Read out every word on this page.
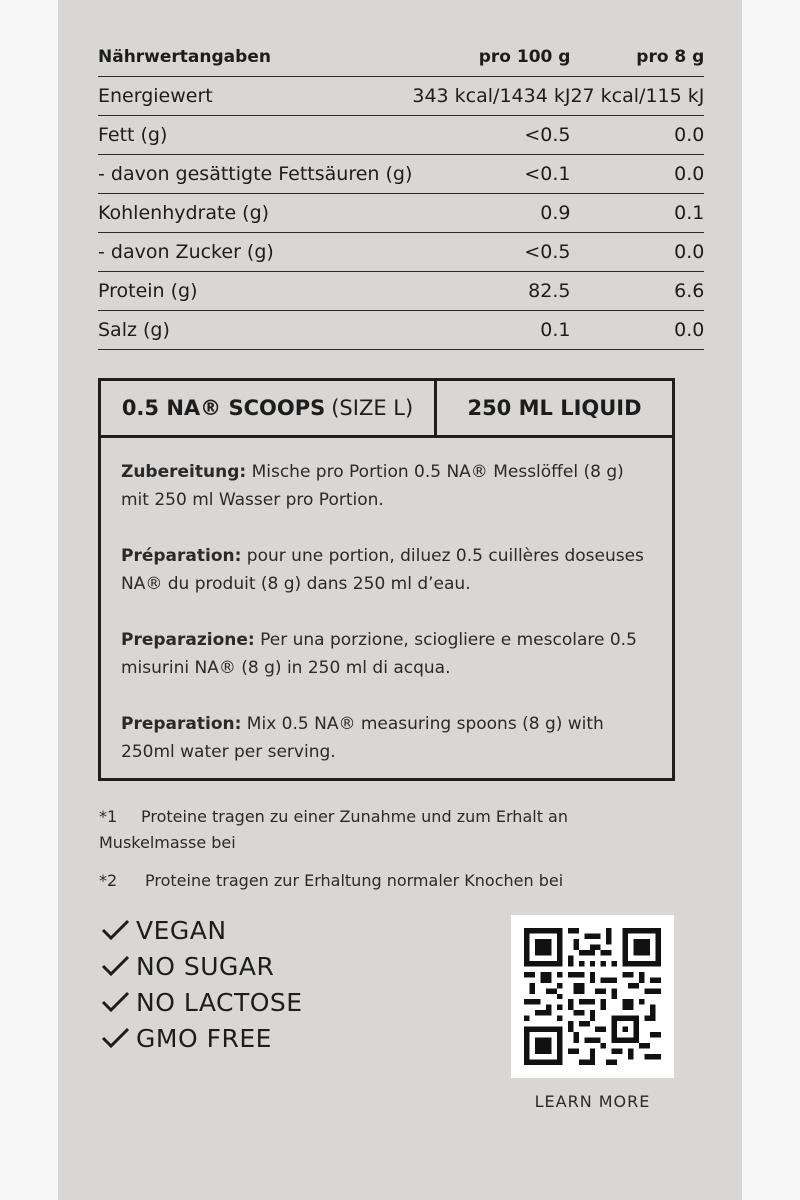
Nährwertangaben	pro 100 g	pro 8 g
Energiewert	343 kcal/1434 kJ	27 kcal/115 kJ
Fett (g)	<0.5	0.0
- davon gesättigte Fettsäuren (g)	<0.1	0.0
Kohlenhydrate (g)	0.9	0.1
- davon Zucker (g)	<0.5	0.0
Protein (g)	82.5	6.6
Salz (g)	0.1	0.0
0.5 NA® SCOOPS (SIZE L)	250 ML LIQUID

Zubereitung: Mische pro Portion 0.5 NA® Messlöffel (8 g) mit 250 ml Wasser pro Portion.

Préparation: pour une portion, diluez 0.5 cuillères doseuses NA® du produit (8 g) dans 250 ml d’eau.

Preparazione: Per una porzione, sciogliere e mescolare 0.5 misurini NA® (8 g) in 250 ml di acqua.

Preparation: Mix 0.5 NA® measuring spoons (8 g) with 250ml water per serving.

*1	Proteine tragen zu einer Zunahme und zum Erhalt an Muskelmasse bei
*2	Proteine tragen zur Erhaltung normaler Knochen bei
VEGAN
NO SUGAR
NO LACTOSE
GMO FREE
LEARN MORE
